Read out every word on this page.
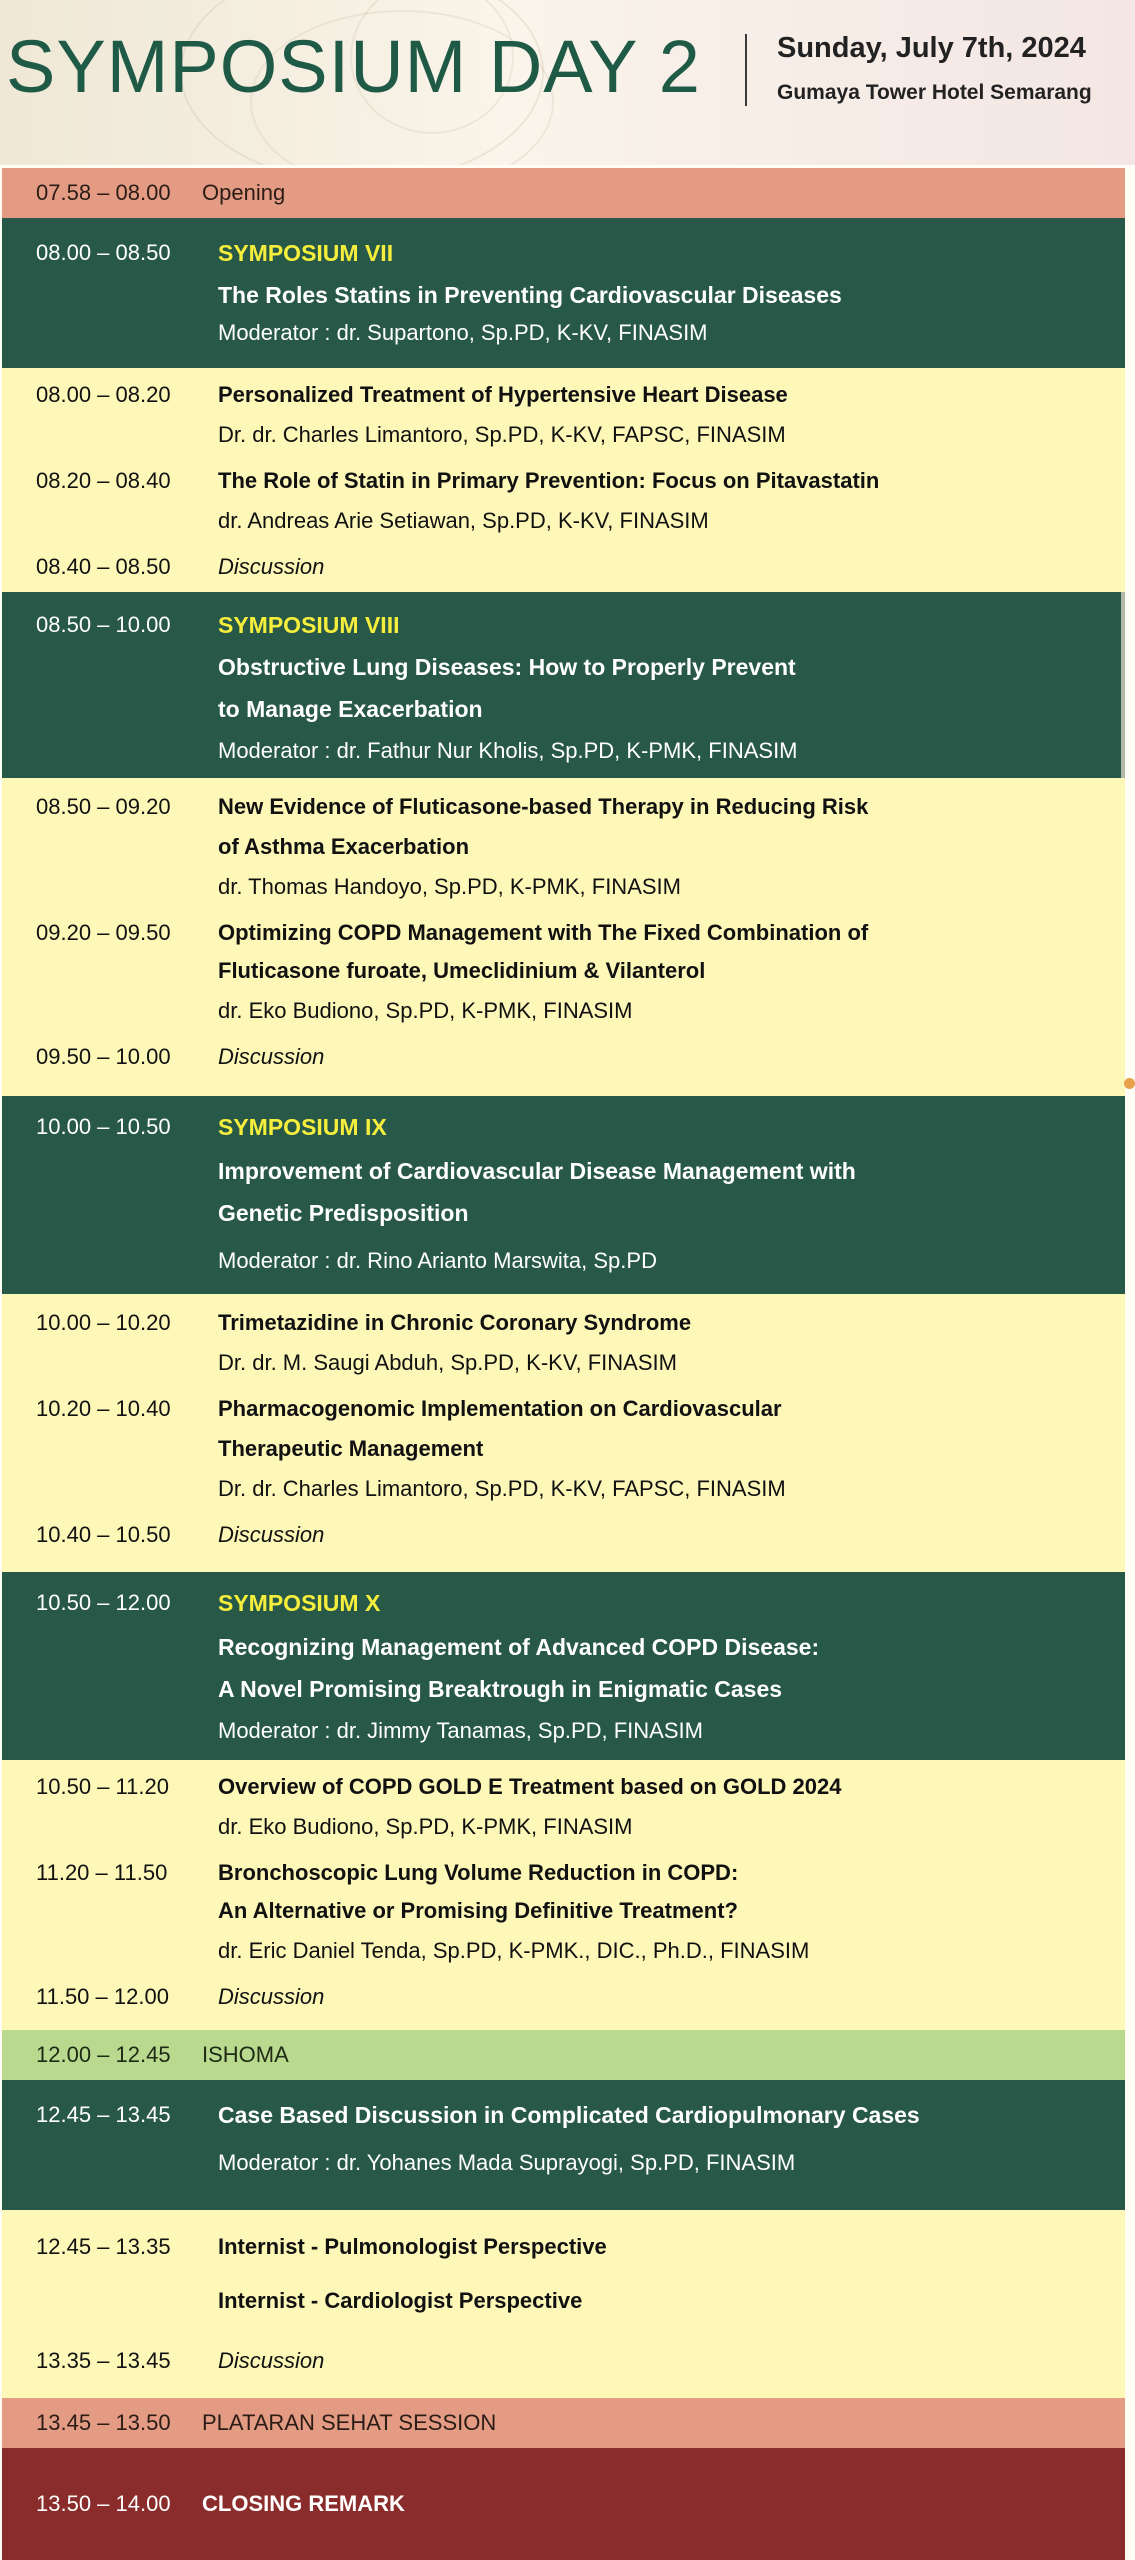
SYMPOSIUM DAY 2	Sunday, July 7th, 2024
Gumaya Tower Hotel Semarang
07.58 – 08.00	Opening
08.00 – 08.50 SYMPOSIUM VII
The Roles Statins in Preventing Cardiovascular Diseases
Moderator : dr. Supartono, Sp.PD, K-KV, FINASIM
08.00 – 08.20 Personalized Treatment of Hypertensive Heart Disease
Dr. dr. Charles Limantoro, Sp.PD, K-KV, FAPSC, FINASIM
08.20 – 08.40 The Role of Statin in Primary Prevention: Focus on Pitavastatin
dr. Andreas Arie Setiawan, Sp.PD, K-KV, FINASIM
08.40 – 08.50 Discussion
08.50 – 10.00 SYMPOSIUM VIII
Obstructive Lung Diseases: How to Properly Prevent
to Manage Exacerbation
Moderator : dr. Fathur Nur Kholis, Sp.PD, K-PMK, FINASIM
08.50 – 09.20 New Evidence of Fluticasone-based Therapy in Reducing Risk
of Asthma Exacerbation
dr. Thomas Handoyo, Sp.PD, K-PMK, FINASIM
09.20 – 09.50 Optimizing COPD Management with The Fixed Combination of
Fluticasone furoate, Umeclidinium & Vilanterol
dr. Eko Budiono, Sp.PD, K-PMK, FINASIM
09.50 – 10.00 Discussion
10.00 – 10.50 SYMPOSIUM IX
Improvement of Cardiovascular Disease Management with
Genetic Predisposition
Moderator : dr. Rino Arianto Marswita, Sp.PD
10.00 – 10.20 Trimetazidine in Chronic Coronary Syndrome
Dr. dr. M. Saugi Abduh, Sp.PD, K-KV, FINASIM
10.20 – 10.40 Pharmacogenomic Implementation on Cardiovascular
Therapeutic Management
Dr. dr. Charles Limantoro, Sp.PD, K-KV, FAPSC, FINASIM
10.40 – 10.50 Discussion
10.50 – 12.00 SYMPOSIUM X
Recognizing Management of Advanced COPD Disease:
A Novel Promising Breaktrough in Enigmatic Cases
Moderator : dr. Jimmy Tanamas, Sp.PD, FINASIM
10.50 – 11.20 Overview of COPD GOLD E Treatment based on GOLD 2024
dr. Eko Budiono, Sp.PD, K-PMK, FINASIM
11.20 – 11.50 Bronchoscopic Lung Volume Reduction in COPD:
An Alternative or Promising Definitive Treatment?
dr. Eric Daniel Tenda, Sp.PD, K-PMK., DIC., Ph.D., FINASIM
11.50 – 12.00 Discussion
12.00 – 12.45	ISHOMA
12.45 – 13.45 Case Based Discussion in Complicated Cardiopulmonary Cases
Moderator : dr. Yohanes Mada Suprayogi, Sp.PD, FINASIM
12.45 – 13.35 Internist - Pulmonologist Perspective
Internist - Cardiologist Perspective
13.35 – 13.45 Discussion
13.45 – 13.50	PLATARAN SEHAT SESSION
13.50 – 14.00	CLOSING REMARK
